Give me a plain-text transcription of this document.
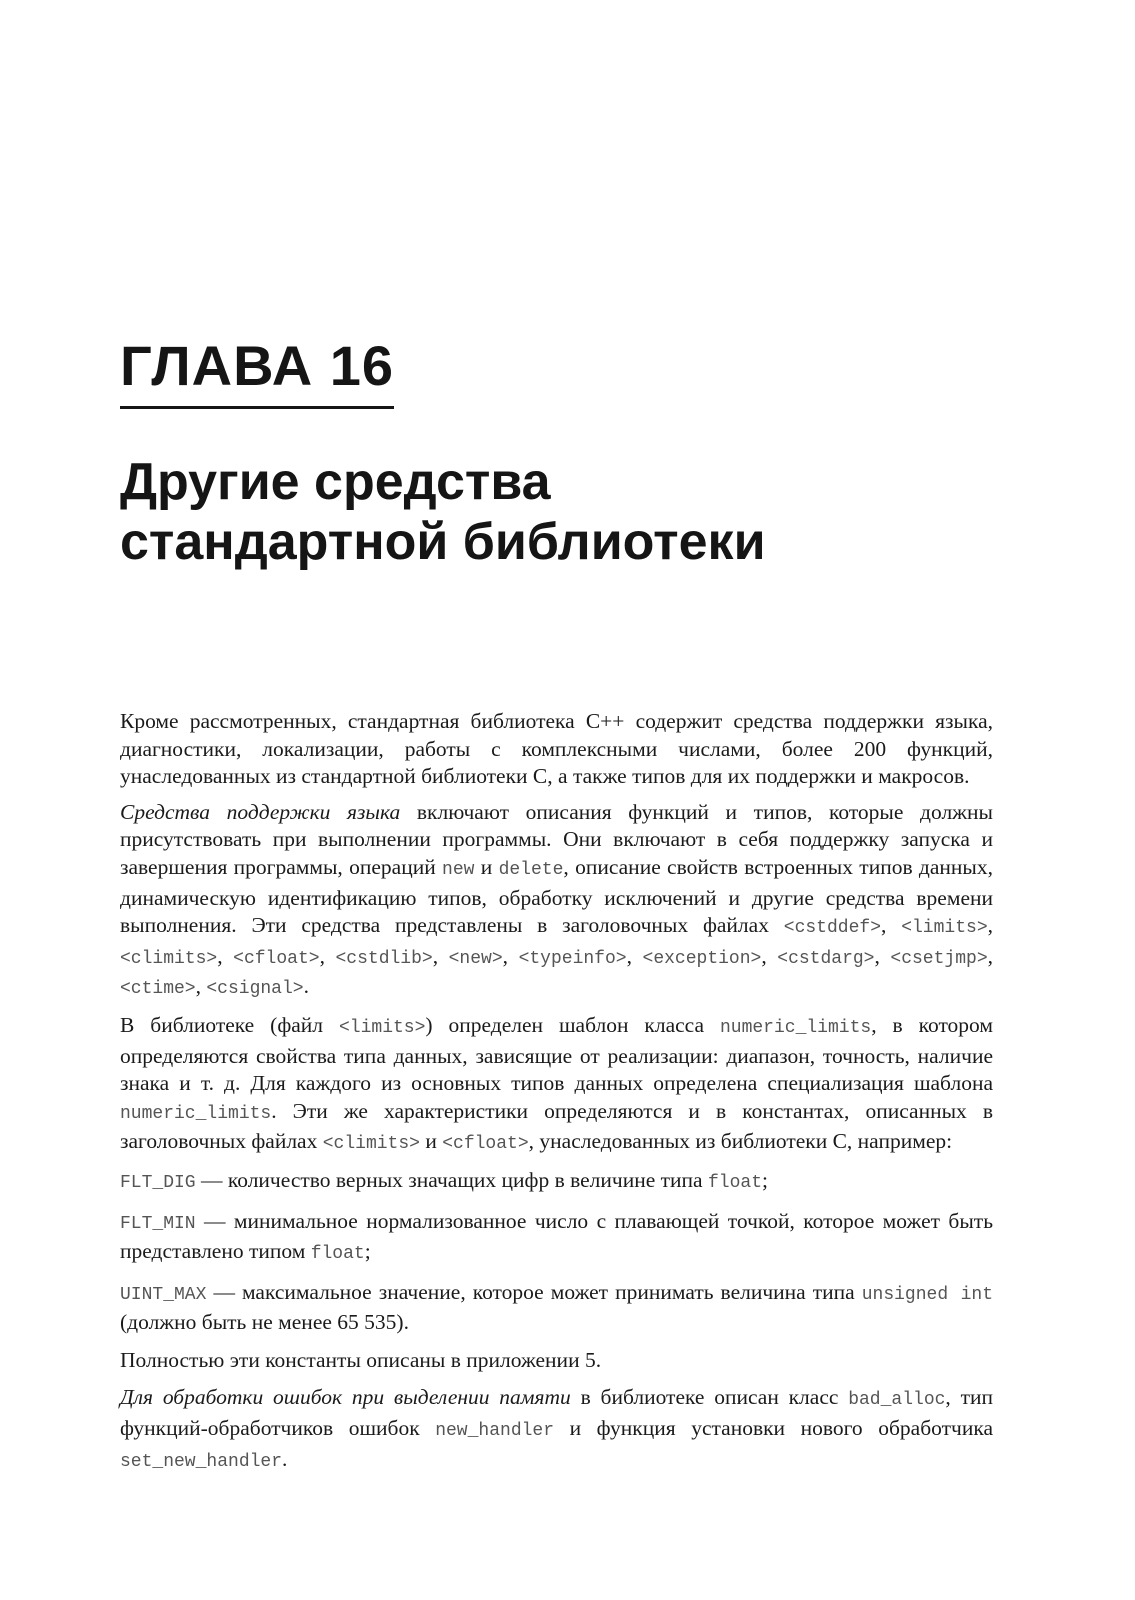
ГЛАВА 16
Другие средства
стандартной библиотеки

Кроме рассмотренных, стандартная библиотека C++ содержит средства поддержки языка, диагностики, локализации, работы с комплексными числами, более 200 функций, унаследованных из стандартной библиотеки C, а также типов для их поддержки и макросов.

Средства поддержки языка включают описания функций и типов, которые должны присутствовать при выполнении программы. Они включают в себя поддержку запуска и завершения программы, операций new и delete, описание свойств встроенных типов данных, динамическую идентификацию типов, обработку исключений и другие средства времени выполнения. Эти средства представлены в заголовочных файлах <cstddef>, <limits>, <climits>, <cfloat>, <cstdlib>, <new>, <typeinfo>, <exception>, <cstdarg>, <csetjmp>, <ctime>, <csignal>.

В библиотеке (файл <limits>) определен шаблон класса numeric_limits, в котором определяются свойства типа данных, зависящие от реализации: диапазон, точность, наличие знака и т. д. Для каждого из основных типов данных определена специализация шаблона numeric_limits. Эти же характеристики определяются и в константах, описанных в заголовочных файлах <climits> и <cfloat>, унаследованных из библиотеки C, например:

FLT_DIG — количество верных значащих цифр в величине типа float;

FLT_MIN — минимальное нормализованное число с плавающей точкой, которое может быть представлено типом float;

UINT_MAX — максимальное значение, которое может принимать величина типа unsigned int (должно быть не менее 65 535).

Полностью эти константы описаны в приложении 5.

Для обработки ошибок при выделении памяти в библиотеке описан класс bad_alloc, тип функций-обработчиков ошибок new_handler и функция установки нового обработчика set_new_handler.
